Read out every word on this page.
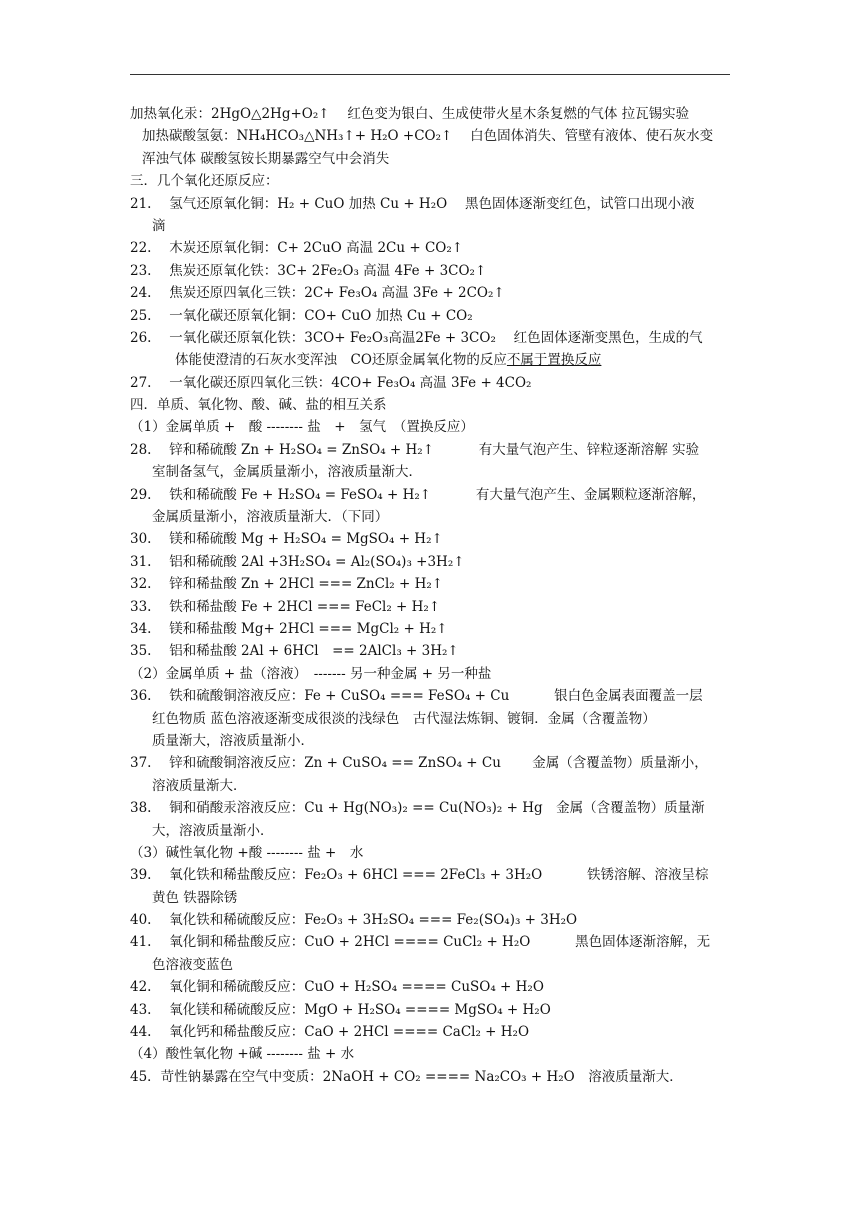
加热氧化汞：2HgO△2Hg+O₂↑　 红色变为银白、生成使带火星木条复燃的气体 拉瓦锡实验
加热碳酸氢氨：NH₄HCO₃△NH₃↑+ H₂O +CO₂↑　 白色固体消失、管壁有液体、使石灰水变
浑浊气体 碳酸氢铵长期暴露空气中会消失
三．几个氧化还原反应：
21.　 氢气还原氧化铜：H₂ + CuO 加热 Cu + H₂O　 黑色固体逐渐变红色，试管口出现小液
滴
22.　 木炭还原氧化铜：C+ 2CuO 高温 2Cu + CO₂↑
23.　 焦炭还原氧化铁：3C+ 2Fe₂O₃ 高温 4Fe + 3CO₂↑
24.　 焦炭还原四氧化三铁：2C+ Fe₃O₄ 高温 3Fe + 2CO₂↑
25.　 一氧化碳还原氧化铜：CO+ CuO 加热 Cu + CO₂
26.　 一氧化碳还原氧化铁：3CO+ Fe₂O₃高温2Fe + 3CO₂　 红色固体逐渐变黑色，生成的气
体能使澄清的石灰水变浑浊　CO还原金属氧化物的反应不属于置换反应
27.　 一氧化碳还原四氧化三铁：4CO+ Fe₃O₄ 高温 3Fe + 4CO₂
四．单质、氧化物、酸、碱、盐的相互关系
（1）金属单质 +　酸 -------- 盐　+　氢气　（置换反应）
28.　 锌和稀硫酸 Zn + H₂SO₄ = ZnSO₄ + H₂↑　　　 有大量气泡产生、锌粒逐渐溶解 实验
室制备氢气，金属质量渐小，溶液质量渐大．
29.　 铁和稀硫酸 Fe + H₂SO₄ = FeSO₄ + H₂↑　　　 有大量气泡产生、金属颗粒逐渐溶解，
金属质量渐小，溶液质量渐大．（下同）
30.　 镁和稀硫酸 Mg + H₂SO₄ = MgSO₄ + H₂↑
31.　 铝和稀硫酸 2Al +3H₂SO₄ = Al₂(SO₄)₃ +3H₂↑
32.　 锌和稀盐酸 Zn + 2HCl === ZnCl₂ + H₂↑
33.　 铁和稀盐酸 Fe + 2HCl === FeCl₂ + H₂↑
34.　 镁和稀盐酸 Mg+ 2HCl === MgCl₂ + H₂↑
35.　 铝和稀盐酸 2Al + 6HCl　== 2AlCl₃ + 3H₂↑
（2）金属单质 + 盐（溶液）　------- 另一种金属 + 另一种盐
36.　 铁和硫酸铜溶液反应：Fe + CuSO₄ === FeSO₄ + Cu　　　 银白色金属表面覆盖一层
红色物质 蓝色溶液逐渐变成很淡的浅绿色　古代湿法炼铜、镀铜．金属（含覆盖物）
质量渐大，溶液质量渐小．
37.　 锌和硫酸铜溶液反应：Zn + CuSO₄ == ZnSO₄ + Cu　　 金属（含覆盖物）质量渐小，
溶液质量渐大．
38.　 铜和硝酸汞溶液反应：Cu + Hg(NO₃)₂ == Cu(NO₃)₂ + Hg　金属（含覆盖物）质量渐
大，溶液质量渐小．
（3）碱性氧化物 +酸 -------- 盐 +　水
39.　 氧化铁和稀盐酸反应：Fe₂O₃ + 6HCl === 2FeCl₃ + 3H₂O　　　 铁锈溶解、溶液呈棕
黄色 铁器除锈
40.　 氧化铁和稀硫酸反应：Fe₂O₃ + 3H₂SO₄ === Fe₂(SO₄)₃ + 3H₂O
41.　 氧化铜和稀盐酸反应：CuO + 2HCl ==== CuCl₂ + H₂O　　　 黑色固体逐渐溶解，无
色溶液变蓝色
42.　 氧化铜和稀硫酸反应：CuO + H₂SO₄ ==== CuSO₄ + H₂O
43.　 氧化镁和稀硫酸反应：MgO + H₂SO₄ ==== MgSO₄ + H₂O
44.　 氧化钙和稀盐酸反应：CaO + 2HCl ==== CaCl₂ + H₂O
（4）酸性氧化物 +碱 -------- 盐 + 水
45．苛性钠暴露在空气中变质：2NaOH + CO₂ ==== Na₂CO₃ + H₂O　溶液质量渐大．
